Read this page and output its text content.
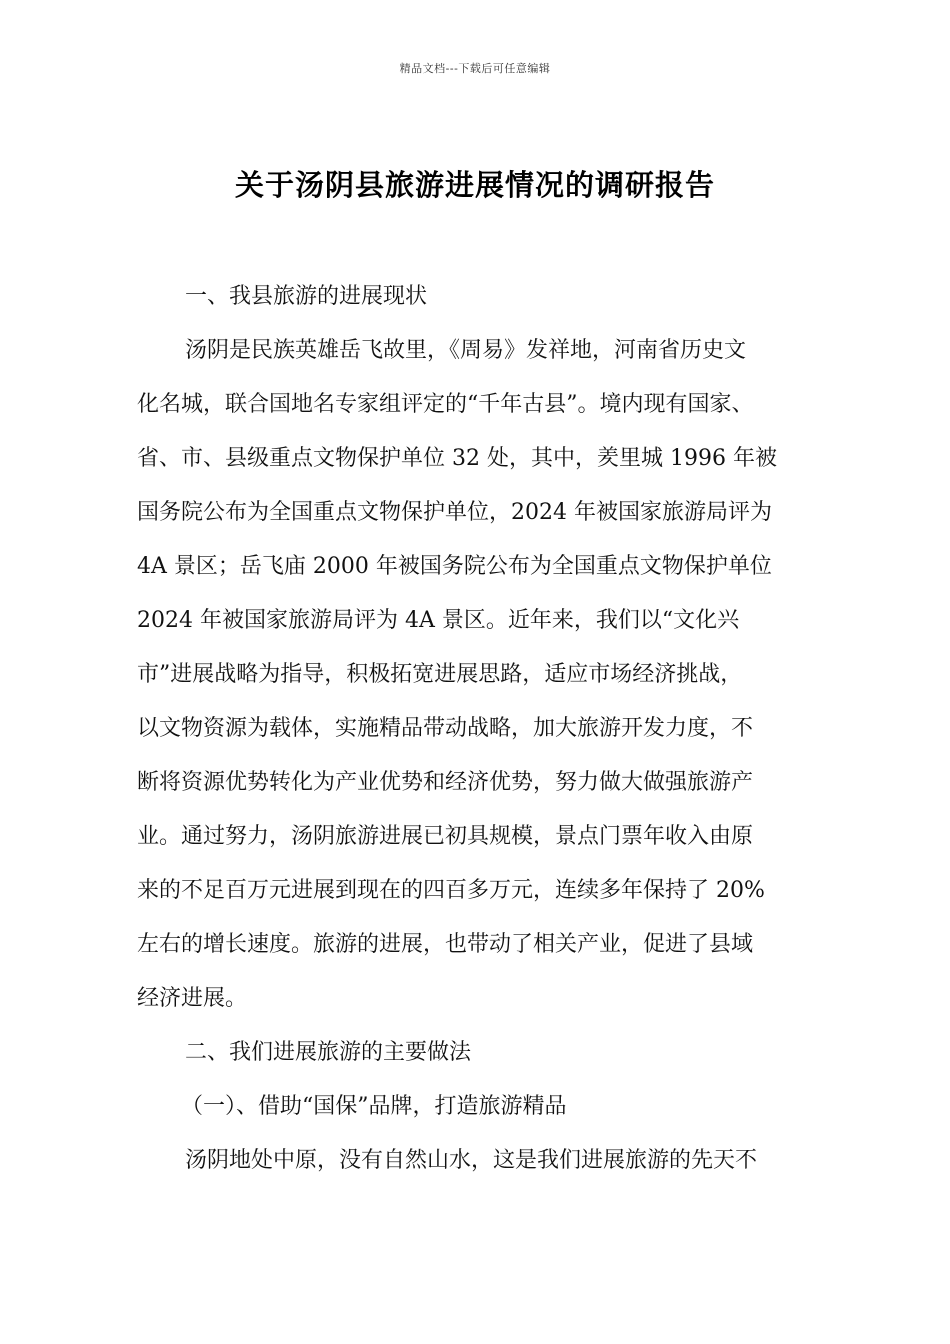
精品文档---下载后可任意编辑
关于汤阴县旅游进展情况的调研报告

一、我县旅游的进展现状

汤阴是民族英雄岳飞故里，《周易》发祥地，河南省历史文
化名城，联合国地名专家组评定的“千年古县”。境内现有国家、
省、市、县级重点文物保护单位 32 处，其中，羑里城 1996 年被
国务院公布为全国重点文物保护单位，2024 年被国家旅游局评为
4A 景区；岳飞庙 2000 年被国务院公布为全国重点文物保护单位
2024 年被国家旅游局评为 4A 景区。近年来，我们以“文化兴
市”进展战略为指导，积极拓宽进展思路，适应市场经济挑战，
以文物资源为载体，实施精品带动战略，加大旅游开发力度，不
断将资源优势转化为产业优势和经济优势，努力做大做强旅游产
业。通过努力，汤阴旅游进展已初具规模，景点门票年收入由原
来的不足百万元进展到现在的四百多万元，连续多年保持了 20%
左右的增长速度。旅游的进展，也带动了相关产业，促进了县域
经济进展。

二、我们进展旅游的主要做法

（一）、借助“国保”品牌，打造旅游精品

汤阴地处中原，没有自然山水，这是我们进展旅游的先天不
